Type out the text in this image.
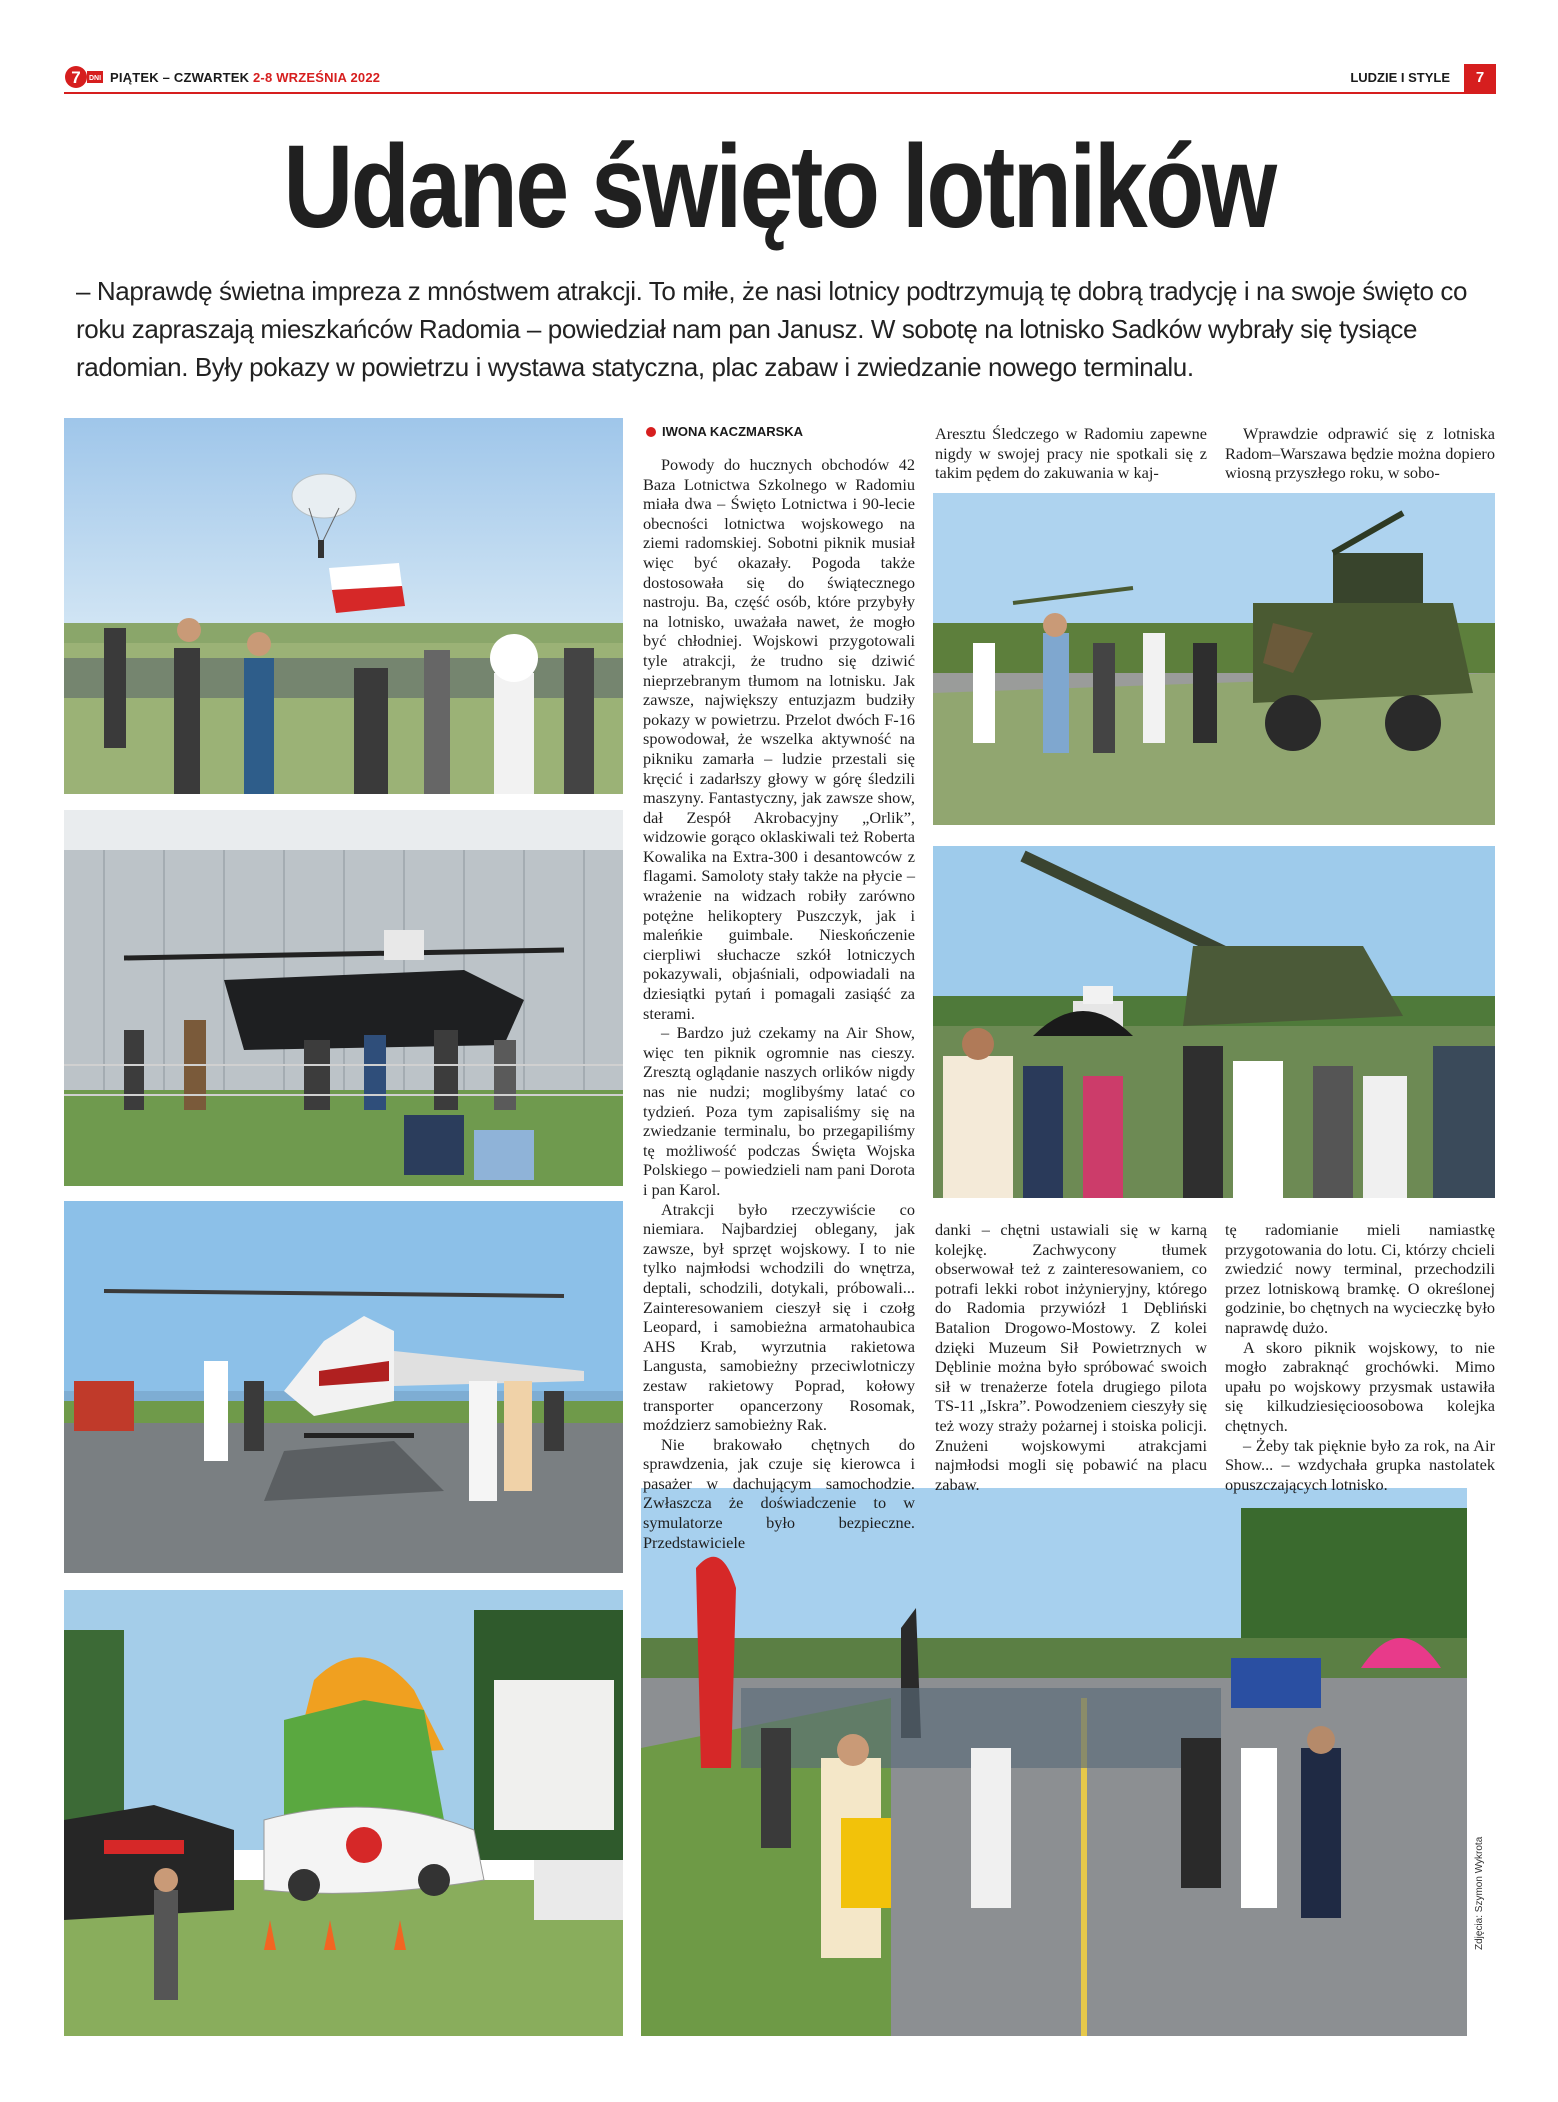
7 DNI PIĄTEK – CZWARTEK 2-8 WRZEŚNIA 2022	LUDZIE I STYLE	7
Udane święto lotników

– Naprawdę świetna impreza z mnóstwem atrakcji. To miłe, że nasi lotnicy podtrzymują tę dobrą tradycję i na swoje święto co roku zapraszają mieszkańców Radomia – powiedział nam pan Janusz. W sobotę na lotnisko Sadków wybrały się tysiące radomian. Były pokazy w powietrzu i wystawa statyczna, plac zabaw i zwiedzanie nowego terminalu.

IWONA KACZMARSKA

Powody do hucznych obchodów 42 Baza Lotnictwa Szkolnego w Radomiu miała dwa – Święto Lotnictwa i 90-lecie obecności lotnictwa wojskowego na ziemi radomskiej. Sobotni piknik musiał więc być okazały. Pogoda także dostosowała się do świątecznego nastroju. Ba, część osób, które przybyły na lotnisko, uważała nawet, że mogło być chłodniej. Wojskowi przygotowali tyle atrakcji, że trudno się dziwić nieprzebranym tłumom na lotnisku. Jak zawsze, największy entuzjazm budziły pokazy w powietrzu. Przelot dwóch F-16 spowodował, że wszelka aktywność na pikniku zamarła – ludzie przestali się kręcić i zadarłszy głowy w górę śledzili maszyny. Fantastyczny, jak zawsze show, dał Zespół Akrobacyjny „Orlik”, widzowie gorąco oklaskiwali też Roberta Kowalika na Extra-300 i desantowców z flagami. Samoloty stały także na płycie – wrażenie na widzach robiły zarówno potężne helikoptery Puszczyk, jak i maleńkie guimbale. Nieskończenie cierpliwi słuchacze szkół lotniczych pokazywali, objaśniali, odpowiadali na dziesiątki pytań i pomagali zasiąść za sterami.

– Bardzo już czekamy na Air Show, więc ten piknik ogromnie nas cieszy. Zresztą oglądanie naszych orlików nigdy nas nie nudzi; moglibyśmy latać co tydzień. Poza tym zapisaliśmy się na zwiedzanie terminalu, bo przegapiliśmy tę możliwość podczas Święta Wojska Polskiego – powiedzieli nam pani Dorota i pan Karol.

Atrakcji było rzeczywiście co niemiara. Najbardziej oblegany, jak zawsze, był sprzęt wojskowy. I to nie tylko najmłodsi wchodzili do wnętrza, deptali, schodzili, dotykali, próbowali... Zainteresowaniem cieszył się i czołg Leopard, i samobieżna armatohaubica AHS Krab, wyrzutnia rakietowa Langusta, samobieżny przeciwlotniczy zestaw rakietowy Poprad, kołowy transporter opancerzony Rosomak, moździerz samobieżny Rak.

Nie brakowało chętnych do sprawdzenia, jak czuje się kierowca i pasażer w dachującym samochodzie. Zwłaszcza że doświadczenie to w symulatorze było bezpieczne. Przedstawiciele

Aresztu Śledczego w Radomiu zapewne nigdy w swojej pracy nie spotkali się z takim pędem do zakuwania w kaj-

Wprawdzie odprawić się z lotniska Radom–Warszawa będzie można dopiero wiosną przyszłego roku, w sobo-

danki – chętni ustawiali się w karną kolejkę. Zachwycony tłumek obserwował też z zainteresowaniem, co potrafi lekki robot inżynieryjny, którego do Radomia przywiózł 1 Dębliński Batalion Drogowo-Mostowy. Z kolei dzięki Muzeum Sił Powietrznych w Dęblinie można było spróbować swoich sił w trenażerze fotela drugiego pilota TS-11 „Iskra”. Powodzeniem cieszyły się też wozy straży pożarnej i stoiska policji. Znużeni wojskowymi atrakcjami najmłodsi mogli się pobawić na placu zabaw.

tę radomianie mieli namiastkę przygotowania do lotu. Ci, którzy chcieli zwiedzić nowy terminal, przechodzili przez lotniskową bramkę. O określonej godzinie, bo chętnych na wycieczkę było naprawdę dużo.

A skoro piknik wojskowy, to nie mogło zabraknąć grochówki. Mimo upału po wojskowy przysmak ustawiła się kilkudziesięcioosobowa kolejka chętnych.

– Żeby tak pięknie było za rok, na Air Show... – wzdychała grupka nastolatek opuszczających lotnisko.

Zdjęcia: Szymon Wykrota
